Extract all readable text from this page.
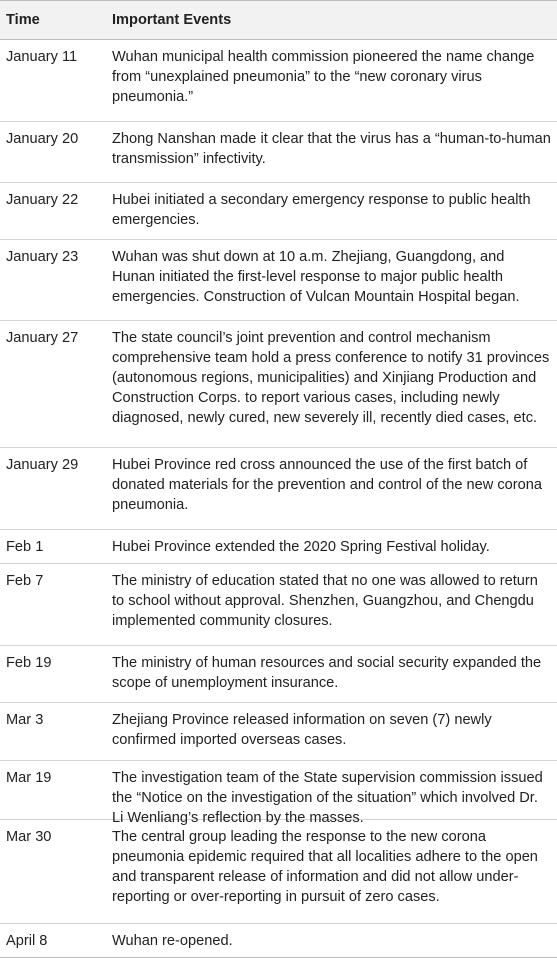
Time	Important Events
January 11	Wuhan municipal health commission pioneered the name change from “unexplained pneumonia” to the “new coronary virus pneumonia.”
January 20	Zhong Nanshan made it clear that the virus has a “human-to-human transmission” infectivity.
January 22	Hubei initiated a secondary emergency response to public health emergencies.
January 23	Wuhan was shut down at 10 a.m. Zhejiang, Guangdong, and Hunan initiated the first-level response to major public health emergencies. Construction of Vulcan Mountain Hospital began.
January 27	The state council’s joint prevention and control mechanism comprehensive team hold a press conference to notify 31 provinces (autonomous regions, municipalities) and Xinjiang Production and Construction Corps. to report various cases, including newly diagnosed, newly cured, new severely ill, recently died cases, etc.
January 29	Hubei Province red cross announced the use of the first batch of donated materials for the prevention and control of the new corona pneumonia.
Feb 1	Hubei Province extended the 2020 Spring Festival holiday.
Feb 7	The ministry of education stated that no one was allowed to return to school without approval. Shenzhen, Guangzhou, and Chengdu implemented community closures.
Feb 19	The ministry of human resources and social security expanded the scope of unemployment insurance.
Mar 3	Zhejiang Province released information on seven (7) newly confirmed imported overseas cases.
Mar 19	The investigation team of the State supervision commission issued the “Notice on the investigation of the situation” which involved Dr. Li Wenliang’s reflection by the masses.
Mar 30	The central group leading the response to the new corona pneumonia epidemic required that all localities adhere to the open and transparent release of information and did not allow under-reporting or over-reporting in pursuit of zero cases.
April 8	Wuhan re-opened.
